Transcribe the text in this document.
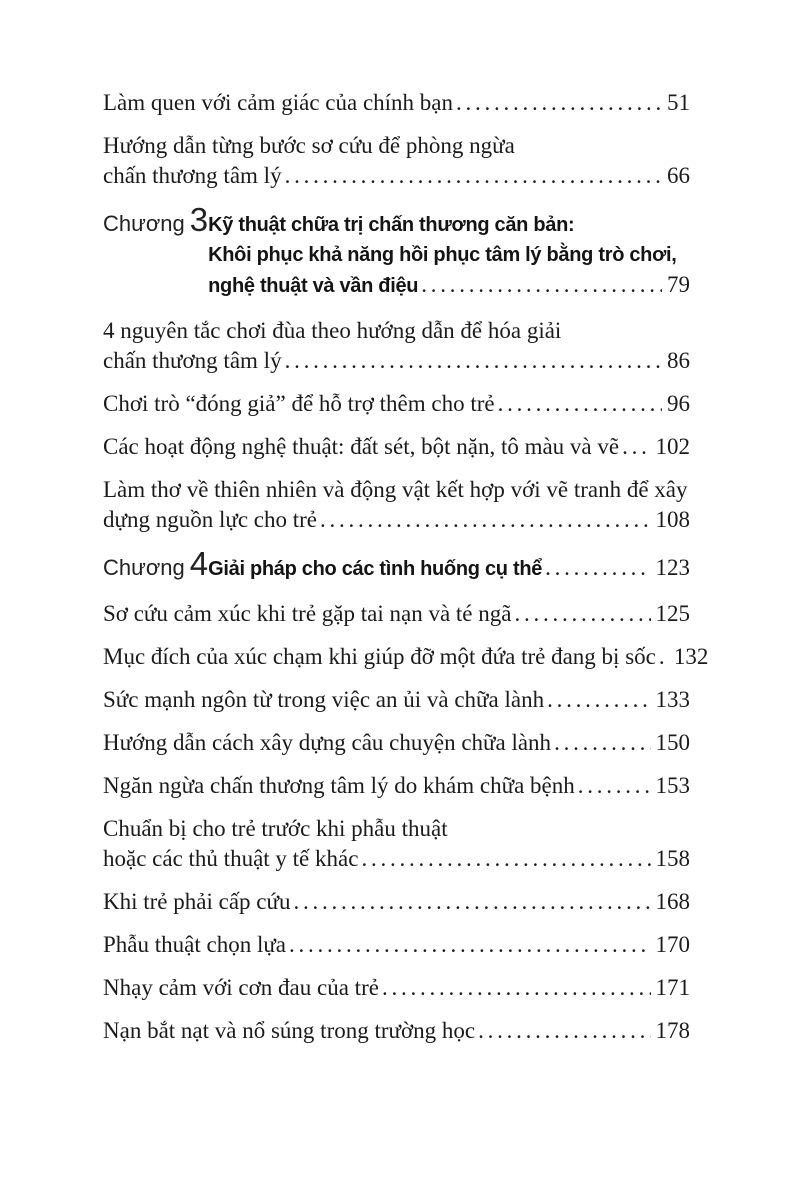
Làm quen với cảm giác của chính bạn . . .	51
Hướng dẫn từng bước sơ cứu để phòng ngừa
chấn thương tâm lý . . .	66
Chương 3 Kỹ thuật chữa trị chấn thương căn bản:
Khôi phục khả năng hồi phục tâm lý bằng trò chơi,
nghệ thuật và vần điệu . . .	79
4 nguyên tắc chơi đùa theo hướng dẫn để hóa giải
chấn thương tâm lý . . .	86
Chơi trò “đóng giả” để hỗ trợ thêm cho trẻ . . .	96
Các hoạt động nghệ thuật: đất sét, bột nặn, tô màu và vẽ . . . 102
Làm thơ về thiên nhiên và động vật kết hợp với vẽ tranh để xây
dựng nguồn lực cho trẻ . . .	108
Chương 4 Giải pháp cho các tình huống cụ thể . . .	123
Sơ cứu cảm xúc khi trẻ gặp tai nạn và té ngã . . .	125
Mục đích của xúc chạm khi giúp đỡ một đứa trẻ đang bị sốc . . . 132
Sức mạnh ngôn từ trong việc an ủi và chữa lành . . .	133
Hướng dẫn cách xây dựng câu chuyện chữa lành . . .	150
Ngăn ngừa chấn thương tâm lý do khám chữa bệnh . . .	153
Chuẩn bị cho trẻ trước khi phẫu thuật
hoặc các thủ thuật y tế khác . . .	158
Khi trẻ phải cấp cứu . . .	168
Phẫu thuật chọn lựa . . .	170
Nhạy cảm với cơn đau của trẻ . . .	171
Nạn bắt nạt và nổ súng trong trường học . . .	178
